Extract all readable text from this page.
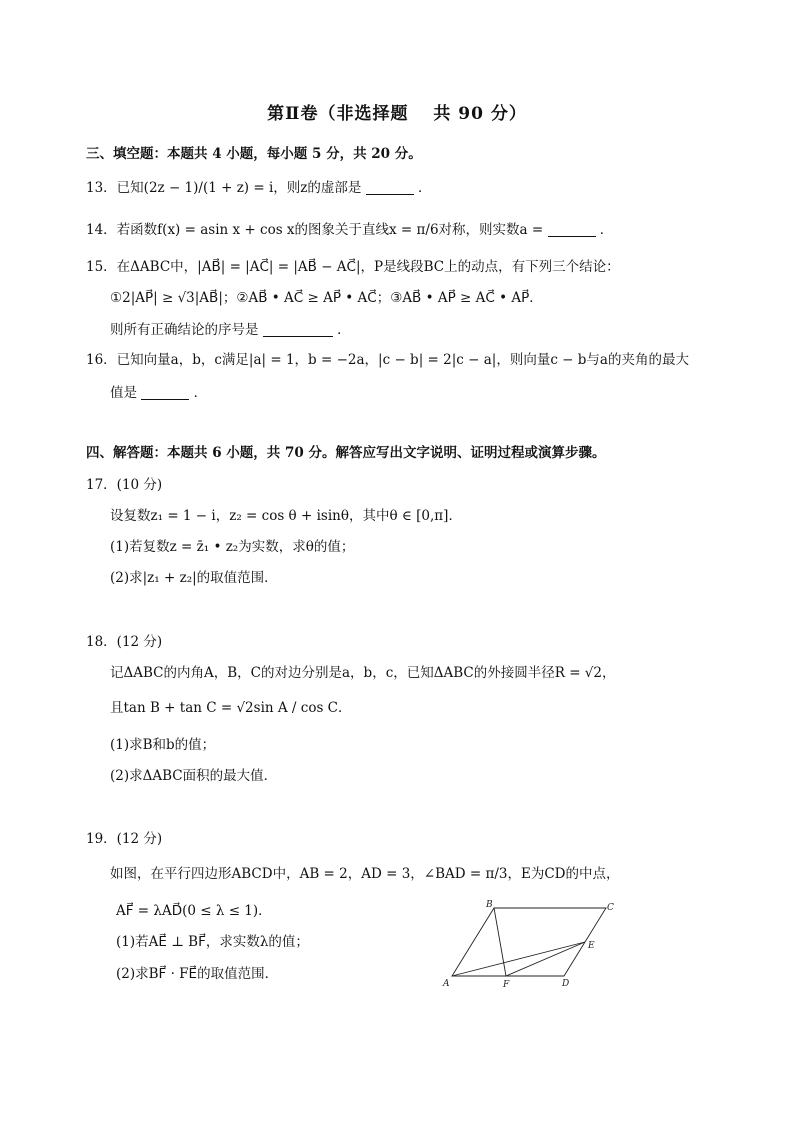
第Ⅱ卷（非选择题　 共 90 分）
三、填空题：本题共 4 小题，每小题 5 分，共 20 分。
13．已知(2z − 1)/(1 + z) = i，则z的虚部是	．
14．若函数f(x) = asin x + cos x的图象关于直线x = π/6对称，则实数a =	．
15．在ΔABC中，|AB⃗| = |AC⃗| = |AB⃗ − AC⃗|，P是线段BC上的动点，有下列三个结论：
①2|AP⃗| ≥ √3|AB⃗|；②AB⃗ • AC⃗ ≥ AP⃗ • AC⃗；③AB⃗ • AP⃗ ≥ AC⃗ • AP⃗．
则所有正确结论的序号是	．
16．已知向量a，b，c满足|a| = 1，b = −2a，|c − b| = 2|c − a|，则向量c − b与a的夹角的最大
值是	．
四、解答题：本题共 6 小题，共 70 分。解答应写出文字说明、证明过程或演算步骤。
17．(10 分)
设复数z₁ = 1 − i，z₂ = cos θ + isinθ，其中θ ∈ [0,π]．
(1)若复数z = z̄₁ • z₂为实数，求θ的值；
(2)求|z₁ + z₂|的取值范围．
18．(12 分)
记ΔABC的内角A，B，C的对边分别是a，b，c，已知ΔABC的外接圆半径R = √2，
且tan B + tan C = √2sin A / cos C．
(1)求B和b的值；
(2)求ΔABC面积的最大值．
19．(12 分)
如图，在平行四边形ABCD中，AB = 2，AD = 3，∠BAD = π/3，E为CD的中点，
AF⃗ = λAD⃗(0 ≤ λ ≤ 1)．
(1)若AE⃗ ⊥ BF⃗，求实数λ的值；
(2)求BF⃗ · FE⃗的取值范围．
A
B	C
D
E
F
